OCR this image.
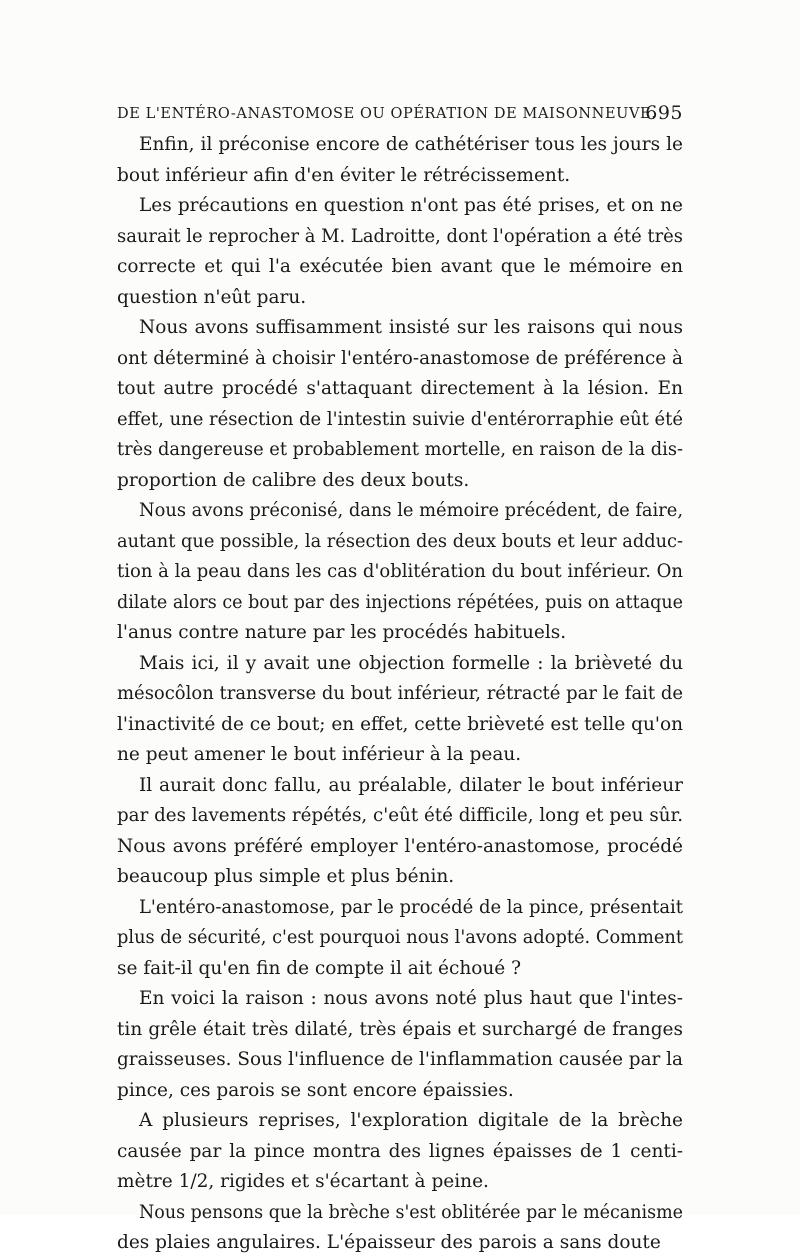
DE L'ENTÉRO-ANASTOMOSE OU OPÉRATION DE MAISONNEUVE.
695
Enfin, il préconise encore de cathétériser tous les jours le
bout inférieur afin d'en éviter le rétrécissement.
Les précautions en question n'ont pas été prises, et on ne
saurait le reprocher à M. Ladroitte, dont l'opération a été très
correcte et qui l'a exécutée bien avant que le mémoire en
question n'eût paru.
Nous avons suffisamment insisté sur les raisons qui nous
ont déterminé à choisir l'entéro-anastomose de préférence à
tout autre procédé s'attaquant directement à la lésion. En
effet, une résection de l'intestin suivie d'entérorraphie eût été
très dangereuse et probablement mortelle, en raison de la dis-
proportion de calibre des deux bouts.
Nous avons préconisé, dans le mémoire précédent, de faire,
autant que possible, la résection des deux bouts et leur adduc-
tion à la peau dans les cas d'oblitération du bout inférieur. On
dilate alors ce bout par des injections répétées, puis on attaque
l'anus contre nature par les procédés habituels.
Mais ici, il y avait une objection formelle : la brièveté du
mésocôlon transverse du bout inférieur, rétracté par le fait de
l'inactivité de ce bout; en effet, cette brièveté est telle qu'on
ne peut amener le bout inférieur à la peau.
Il aurait donc fallu, au préalable, dilater le bout inférieur
par des lavements répétés, c'eût été difficile, long et peu sûr.
Nous avons préféré employer l'entéro-anastomose, procédé
beaucoup plus simple et plus bénin.
L'entéro-anastomose, par le procédé de la pince, présentait
plus de sécurité, c'est pourquoi nous l'avons adopté. Comment
se fait-il qu'en fin de compte il ait échoué ?
En voici la raison : nous avons noté plus haut que l'intes-
tin grêle était très dilaté, très épais et surchargé de franges
graisseuses. Sous l'influence de l'inflammation causée par la
pince, ces parois se sont encore épaissies.
A plusieurs reprises, l'exploration digitale de la brèche
causée par la pince montra des lignes épaisses de 1 centi-
mètre 1/2, rigides et s'écartant à peine.
Nous pensons que la brèche s'est oblitérée par le mécanisme
des plaies angulaires. L'épaisseur des parois a sans doute
